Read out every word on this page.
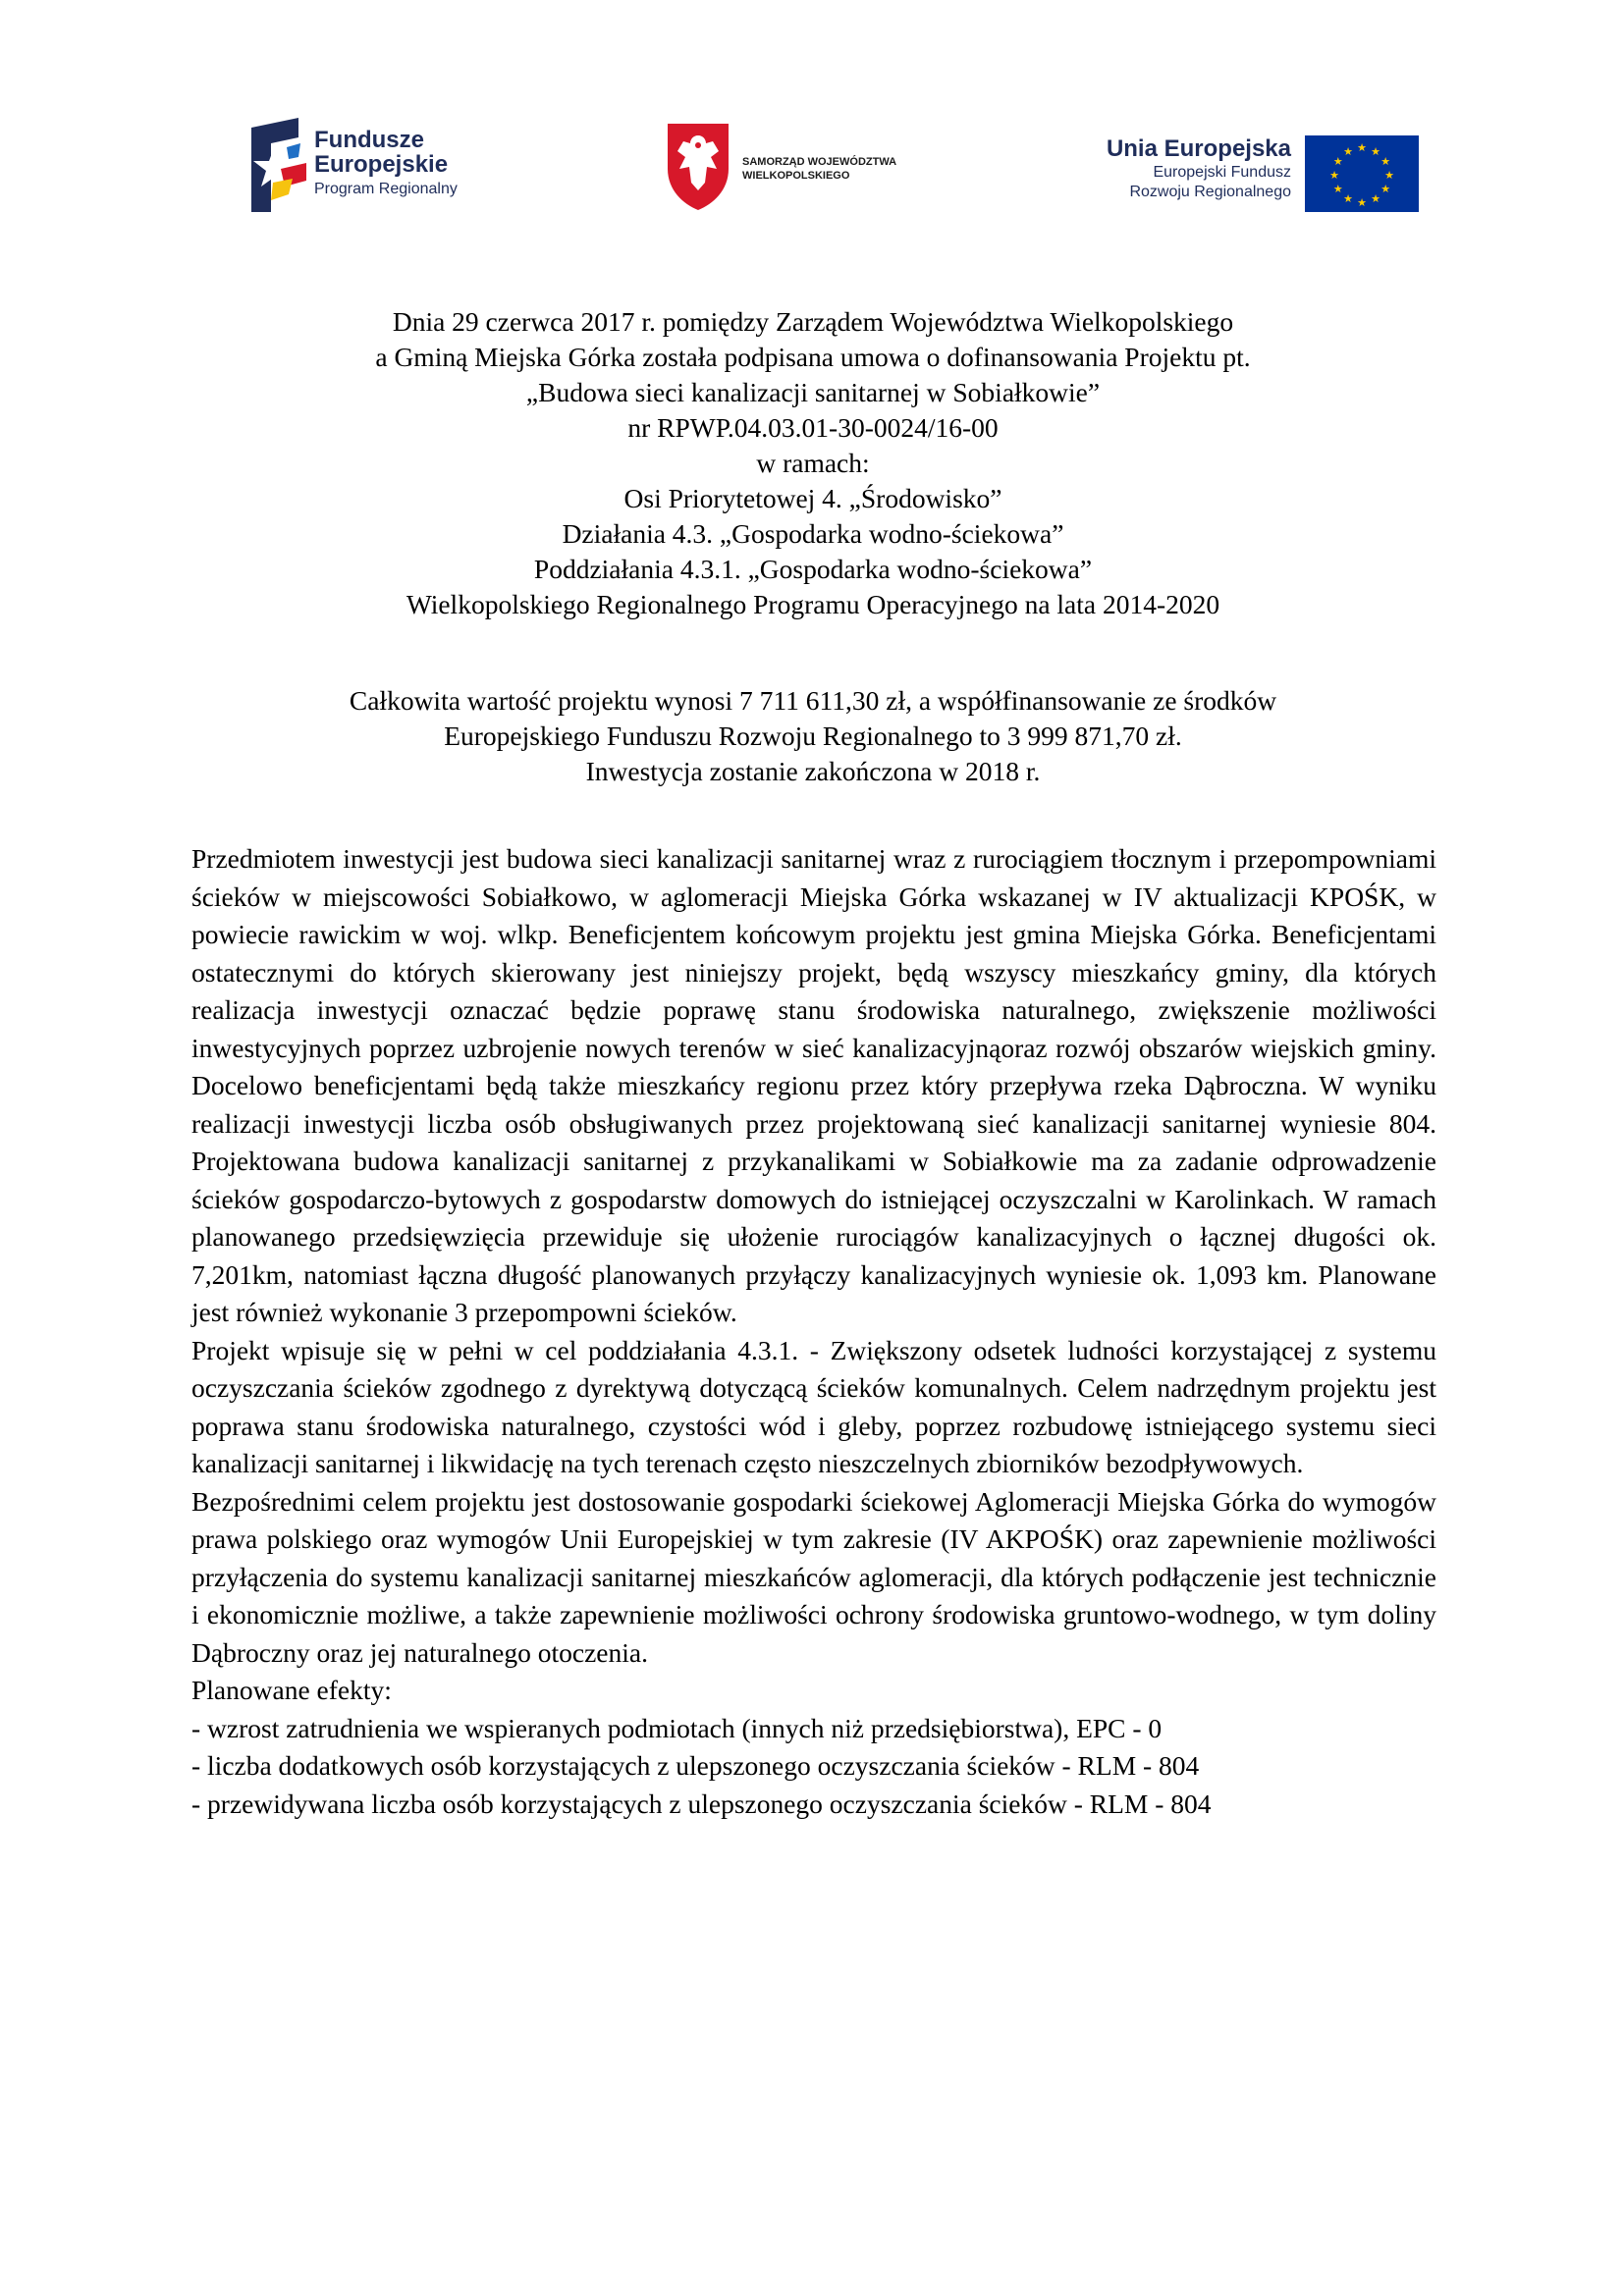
Fundusze
Europejskie
Program Regionalny
SAMORZĄD WOJEWÓDZTWA
WIELKOPOLSKIEGO
Unia Europejska
Europejski Fundusz
Rozwoju Regionalnego
★ ★
★
★
★
★
★
★
★
★
★
★
Dnia 29 czerwca 2017 r. pomiędzy Zarządem Województwa Wielkopolskiego
a Gminą Miejska Górka została podpisana umowa o dofinansowania Projektu pt.
„Budowa sieci kanalizacji sanitarnej w Sobiałkowie”
nr RPWP.04.03.01-30-0024/16-00
w ramach:
Osi Priorytetowej 4. „Środowisko”
Działania 4.3. „Gospodarka wodno-ściekowa”
Poddziałania 4.3.1. „Gospodarka wodno-ściekowa”
Wielkopolskiego Regionalnego Programu Operacyjnego na lata 2014-2020
Całkowita wartość projektu wynosi 7 711 611,30 zł, a współfinansowanie ze środków
Europejskiego Funduszu Rozwoju Regionalnego to 3 999 871,70 zł.
Inwestycja zostanie zakończona w 2018 r.

Przedmiotem inwestycji jest budowa sieci kanalizacji sanitarnej wraz z rurociągiem tłocznym i przepompowniami ścieków w miejscowości Sobiałkowo, w aglomeracji Miejska Górka wskazanej w IV aktualizacji KPOŚK, w powiecie rawickim w woj. wlkp. Beneficjentem końcowym projektu jest gmina Miejska Górka. Beneficjentami ostatecznymi do których skierowany jest niniejszy projekt, będą wszyscy mieszkańcy gminy, dla których realizacja inwestycji oznaczać będzie poprawę stanu środowiska naturalnego, zwiększenie możliwości inwestycyjnych poprzez uzbrojenie nowych terenów w sieć kanalizacyjnąoraz rozwój obszarów wiejskich gminy. Docelowo beneficjentami będą także mieszkańcy regionu przez który przepływa rzeka Dąbroczna. W wyniku realizacji inwestycji liczba osób obsługiwanych przez projektowaną sieć kanalizacji sanitarnej wyniesie 804. Projektowana budowa kanalizacji sanitarnej z przykanalikami w Sobiałkowie ma za zadanie odprowadzenie ścieków gospodarczo-bytowych z gospodarstw domowych do istniejącej oczyszczalni w Karolinkach. W ramach planowanego przedsięwzięcia przewiduje się ułożenie rurociągów kanalizacyjnych o łącznej długości ok. 7,201km, natomiast łączna długość planowanych przyłączy kanalizacyjnych wyniesie ok. 1,093 km. Planowane jest również wykonanie 3 przepompowni ścieków.

Projekt wpisuje się w pełni w cel poddziałania 4.3.1. - Zwiększony odsetek ludności korzystającej z systemu oczyszczania ścieków zgodnego z dyrektywą dotyczącą ścieków komunalnych. Celem nadrzędnym projektu jest poprawa stanu środowiska naturalnego, czystości wód i gleby, poprzez rozbudowę istniejącego systemu sieci kanalizacji sanitarnej i likwidację na tych terenach często nieszczelnych zbiorników bezodpływowych.

Bezpośrednimi celem projektu jest dostosowanie gospodarki ściekowej Aglomeracji Miejska Górka do wymogów prawa polskiego oraz wymogów Unii Europejskiej w tym zakresie (IV AKPOŚK) oraz zapewnienie możliwości przyłączenia do systemu kanalizacji sanitarnej mieszkańców aglomeracji, dla których podłączenie jest technicznie i ekonomicznie możliwe, a także zapewnienie możliwości ochrony środowiska gruntowo-wodnego, w tym doliny Dąbroczny oraz jej naturalnego otoczenia.

Planowane efekty:

- wzrost zatrudnienia we wspieranych podmiotach (innych niż przedsiębiorstwa), EPC ‑ 0
- liczba dodatkowych osób korzystających z ulepszonego oczyszczania ścieków - RLM - 804
- przewidywana liczba osób korzystających z ulepszonego oczyszczania ścieków - RLM - 804
